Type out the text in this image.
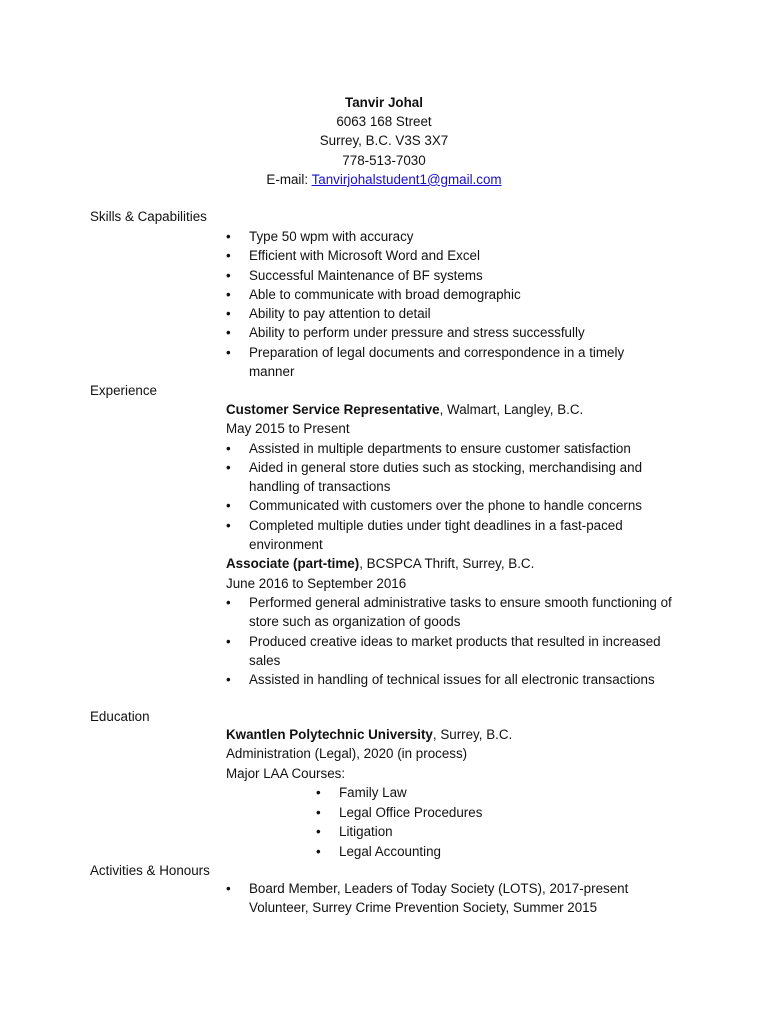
Tanvir Johal
6063 168 Street
Surrey, B.C. V3S 3X7
778-513-7030
E-mail: Tanvirjohalstudent1@gmail.com
Skills & Capabilities
• Type 50 wpm with accuracy
• Efficient with Microsoft Word and Excel
• Successful Maintenance of BF systems
• Able to communicate with broad demographic
• Ability to pay attention to detail
• Ability to perform under pressure and stress successfully
• Preparation of legal documents and correspondence in a timely manner
Experience
Customer Service Representative, Walmart, Langley, B.C.
May 2015 to Present
• Assisted in multiple departments to ensure customer satisfaction
• Aided in general store duties such as stocking, merchandising and handling of transactions
• Communicated with customers over the phone to handle concerns
• Completed multiple duties under tight deadlines in a fast-paced environment
Associate (part-time), BCSPCA Thrift, Surrey, B.C.
June 2016 to September 2016
• Performed general administrative tasks to ensure smooth functioning of store such as organization of goods
• Produced creative ideas to market products that resulted in increased sales
• Assisted in handling of technical issues for all electronic transactions
Education
Kwantlen Polytechnic University, Surrey, B.C.
Administration (Legal), 2020 (in process)
Major LAA Courses:
• Family Law
• Legal Office Procedures
• Litigation
• Legal Accounting
Activities & Honours
• Board Member, Leaders of Today Society (LOTS), 2017-present
Volunteer, Surrey Crime Prevention Society, Summer 2015
